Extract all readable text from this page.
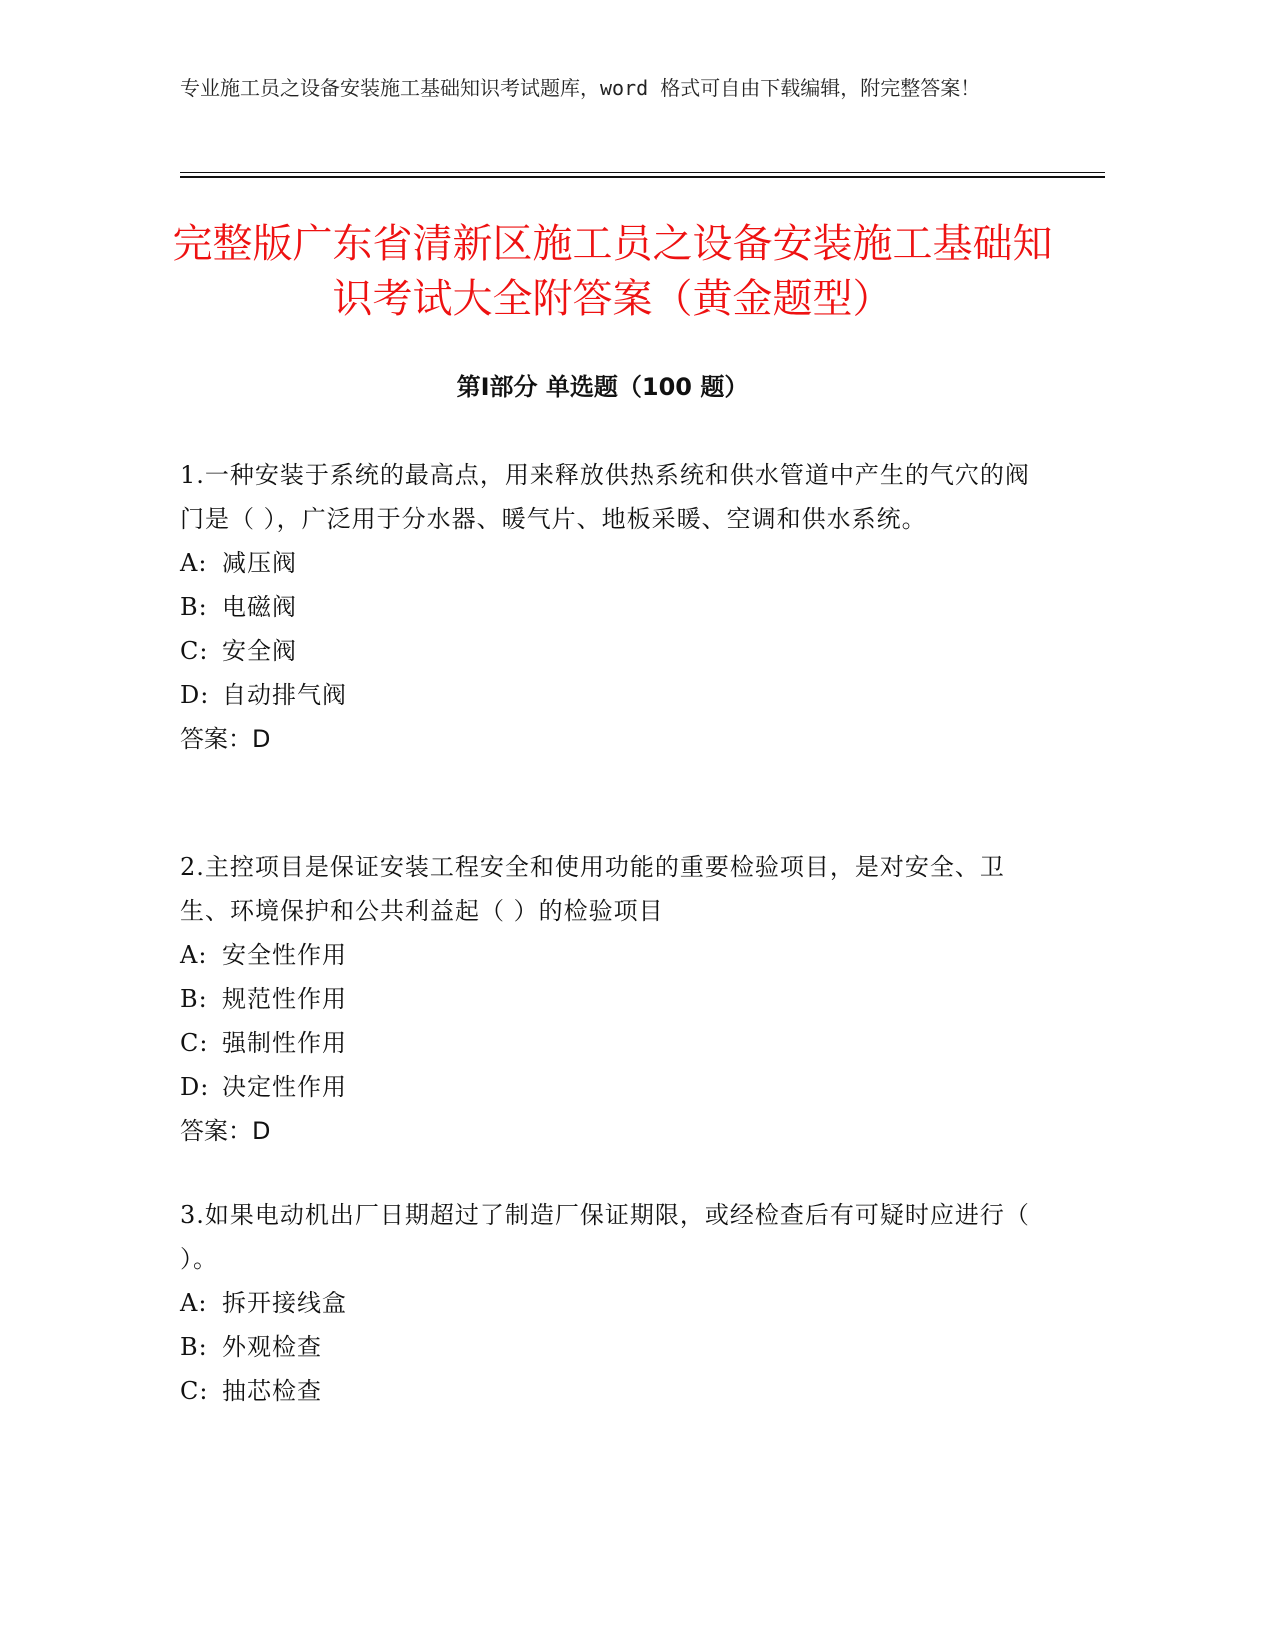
专业施工员之设备安装施工基础知识考试题库，word 格式可自由下载编辑，附完整答案！
完整版广东省清新区施工员之设备安装施工基础知识考试大全附答案（黄金题型）
第Ⅰ部分 单选题（100 题）
1.一种安装于系统的最高点，用来释放供热系统和供水管道中产生的气穴的阀门是（ ），广泛用于分水器、暖气片、地板采暖、空调和供水系统。
A: 减压阀
B: 电磁阀
C: 安全阀
D: 自动排气阀
答案：D
2.主控项目是保证安装工程安全和使用功能的重要检验项目，是对安全、卫生、环境保护和公共利益起（ ）的检验项目
A: 安全性作用
B: 规范性作用
C: 强制性作用
D: 决定性作用
答案：D
3.如果电动机出厂日期超过了制造厂保证期限，或经检查后有可疑时应进行（ ）。
A: 拆开接线盒
B: 外观检查
C: 抽芯检查
